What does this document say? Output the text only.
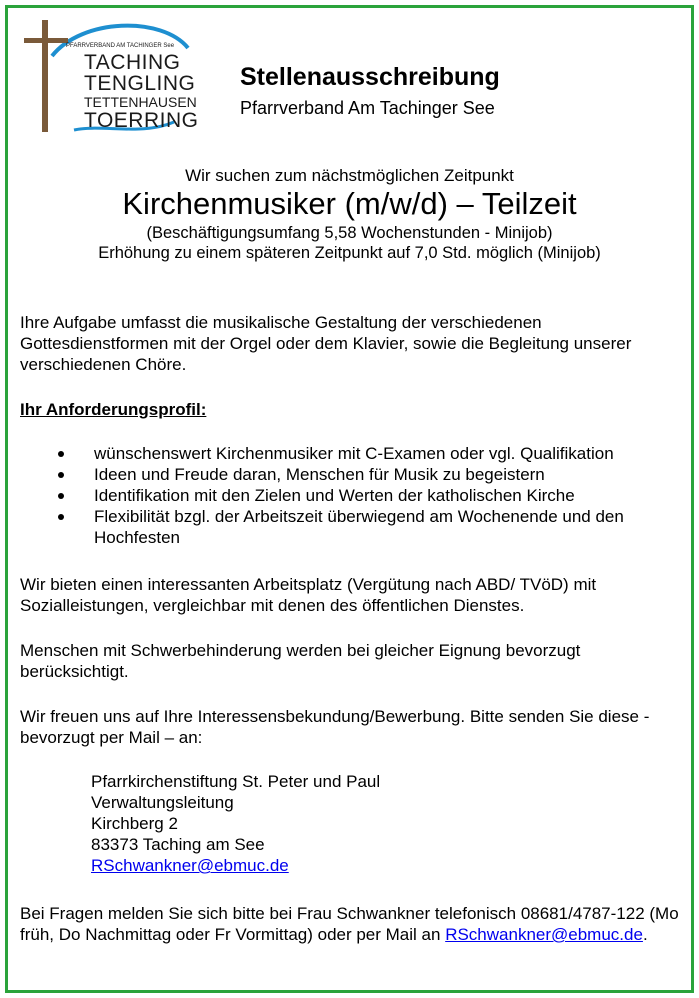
PFARRVERBAND AM TACHINGER See
TACHING
TENGLING
TETTENHAUSEN
TOERRING
Stellenausschreibung
Pfarrverband Am Tachinger See
Wir suchen zum nächstmöglichen Zeitpunkt
Kirchenmusiker (m/w/d) – Teilzeit
(Beschäftigungsumfang 5,58 Wochenstunden - Minijob)
Erhöhung zu einem späteren Zeitpunkt auf 7,0 Std. möglich (Minijob)
Ihre Aufgabe umfasst die musikalische Gestaltung der verschiedenen Gottesdienstformen mit der Orgel oder dem Klavier, sowie die Begleitung unserer verschiedenen Chöre.
Ihr Anforderungsprofil:
wünschenswert Kirchenmusiker mit C-Examen oder vgl. Qualifikation
Ideen und Freude daran, Menschen für Musik zu begeistern
Identifikation mit den Zielen und Werten der katholischen Kirche
Flexibilität bzgl. der Arbeitszeit überwiegend am Wochenende und den Hochfesten
Wir bieten einen interessanten Arbeitsplatz (Vergütung nach ABD/ TVöD) mit Sozialleistungen, vergleichbar mit denen des öffentlichen Dienstes.
Menschen mit Schwerbehinderung werden bei gleicher Eignung bevorzugt berücksichtigt.
Wir freuen uns auf Ihre Interessensbekundung/Bewerbung. Bitte senden Sie diese -bevorzugt per Mail – an:
Pfarrkirchenstiftung St. Peter und Paul
Verwaltungsleitung
Kirchberg 2
83373 Taching am See
RSchwankner@ebmuc.de
Bei Fragen melden Sie sich bitte bei Frau Schwankner telefonisch 08681/4787-122 (Mo früh, Do Nachmittag oder Fr Vormittag) oder per Mail an RSchwankner@ebmuc.de.
